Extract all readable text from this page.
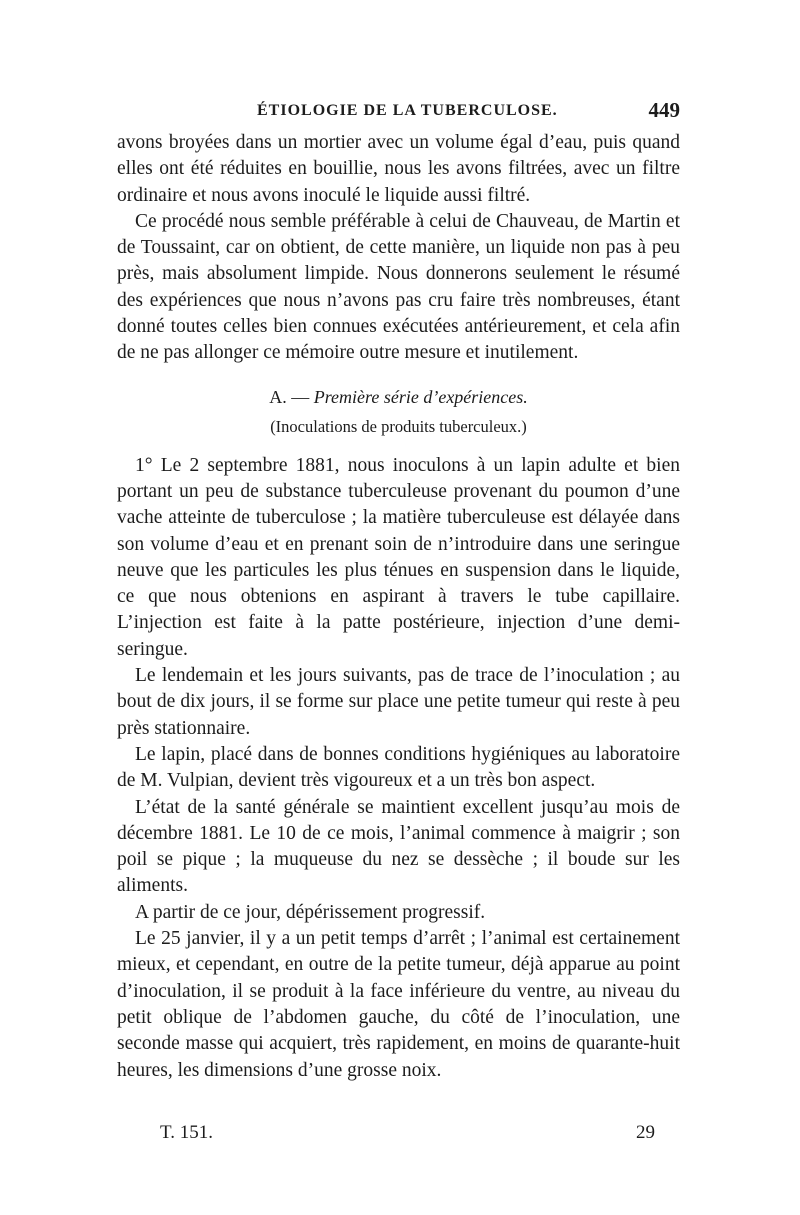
ÉTIOLOGIE DE LA TUBERCULOSE.	449

avons broyées dans un mortier avec un volume égal d’eau, puis quand elles ont été réduites en bouillie, nous les avons filtrées, avec un filtre ordinaire et nous avons inoculé le liquide aussi filtré.

Ce procédé nous semble préférable à celui de Chauveau, de Martin et de Toussaint, car on obtient, de cette manière, un liquide non pas à peu près, mais absolument limpide. Nous donnerons seulement le résumé des expériences que nous n’avons pas cru faire très nombreuses, étant donné toutes celles bien connues exécutées antérieurement, et cela afin de ne pas allonger ce mémoire outre mesure et inutilement.

A. — Première série d’expériences.
(Inoculations de produits tuberculeux.)

1° Le 2 septembre 1881, nous inoculons à un lapin adulte et bien portant un peu de substance tuberculeuse provenant du poumon d’une vache atteinte de tuberculose ; la matière tuberculeuse est délayée dans son volume d’eau et en prenant soin de n’introduire dans une seringue neuve que les particules les plus ténues en suspension dans le liquide, ce que nous obtenions en aspirant à travers le tube capillaire. L’injection est faite à la patte postérieure, injection d’une demi-seringue.

Le lendemain et les jours suivants, pas de trace de l’inoculation ; au bout de dix jours, il se forme sur place une petite tumeur qui reste à peu près stationnaire.

Le lapin, placé dans de bonnes conditions hygiéniques au laboratoire de M. Vulpian, devient très vigoureux et a un très bon aspect.

L’état de la santé générale se maintient excellent jusqu’au mois de décembre 1881. Le 10 de ce mois, l’animal commence à maigrir ; son poil se pique ; la muqueuse du nez se dessèche ; il boude sur les aliments.

A partir de ce jour, dépérissement progressif.

Le 25 janvier, il y a un petit temps d’arrêt ; l’animal est certainement mieux, et cependant, en outre de la petite tumeur, déjà apparue au point d’inoculation, il se produit à la face inférieure du ventre, au niveau du petit oblique de l’abdomen gauche, du côté de l’inoculation, une seconde masse qui acquiert, très rapidement, en moins de quarante-huit heures, les dimensions d’une grosse noix.

T. 151.	29
